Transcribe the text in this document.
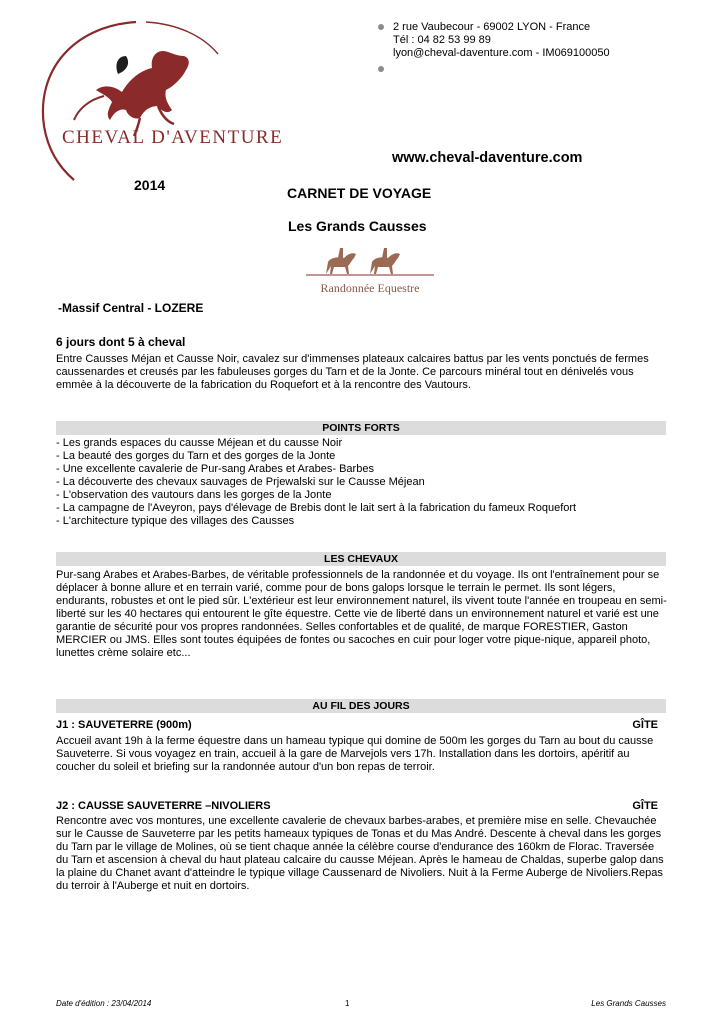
CHEVAL D'AVENTURE
2 rue Vaubecour - 69002 LYON - France
Tél : 04 82 53 99 89
lyon@cheval-daventure.com - IM069100050
www.cheval-daventure.com
2014	CARNET DE VOYAGE
Les Grands Causses
Randonnée Equestre
-Massif Central - LOZERE
6 jours dont 5 à cheval
Entre Causses Méjan et Causse Noir, cavalez sur d'immenses plateaux calcaires battus par les vents ponctués de fermes caussenardes et creusés par les fabuleuses gorges du Tarn et de la Jonte. Ce parcours minéral tout en dénivelés vous emmèe à la découverte de la fabrication du Roquefort et à la rencontre des Vautours.
POINTS FORTS
- Les grands espaces du causse Méjean et du causse Noir
- La beauté des gorges du Tarn et des gorges de la Jonte
- Une excellente cavalerie de Pur-sang Arabes et Arabes- Barbes
- La découverte des chevaux sauvages de Prjewalski sur le Causse Méjean
- L'observation des vautours dans les gorges de la Jonte
- La campagne de l'Aveyron, pays d'élevage de Brebis dont le lait sert à la fabrication du fameux Roquefort
- L'architecture typique des villages des Causses
LES CHEVAUX
Pur-sang Arabes et Arabes-Barbes, de véritable professionnels de la randonnée et du voyage. Ils ont l'entraînement pour se déplacer à bonne allure et en terrain varié, comme pour de bons galops lorsque le terrain le permet. Ils sont légers, endurants, robustes et ont le pied sûr. L'extérieur est leur environnement naturel, ils vivent toute l'année en troupeau en semi-liberté sur les 40 hectares qui entourent le gîte équestre. Cette vie de liberté dans un environnement naturel et varié est une garantie de sécurité pour vos propres randonnées. Selles confortables et de qualité, de marque FORESTIER, Gaston MERCIER ou JMS. Elles sont toutes équipées de fontes ou sacoches en cuir pour loger votre pique-nique, appareil photo, lunettes crème solaire etc...
AU FIL DES JOURS
J1 : SAUVETERRE (900m)	GÎTE
Accueil avant 19h à la ferme équestre dans un hameau typique qui domine de 500m les gorges du Tarn au bout du causse Sauveterre. Si vous voyagez en train, accueil à la gare de Marvejols vers 17h. Installation dans les dortoirs, apéritif au coucher du soleil et briefing sur la randonnée autour d'un bon repas de terroir.
J2 : CAUSSE SAUVETERRE –NIVOLIERS	GÎTE
Rencontre avec vos montures, une excellente cavalerie de chevaux barbes-arabes, et première mise en selle. Chevauchée sur le Causse de Sauveterre par les petits hameaux typiques de Tonas et du Mas André. Descente à cheval dans les gorges du Tarn par le village de Molines, où se tient chaque année la célèbre course d'endurance des 160km de Florac. Traversée du Tarn et ascension à cheval du haut plateau calcaire du causse Méjean. Après le hameau de Chaldas, superbe galop dans la plaine du Chanet avant d'atteindre le typique village Caussenard de Nivoliers. Nuit à la Ferme Auberge de Nivoliers.Repas du terroir à l'Auberge et nuit en dortoirs.
Date d'édition : 23/04/2014	1	Les Grands Causses
